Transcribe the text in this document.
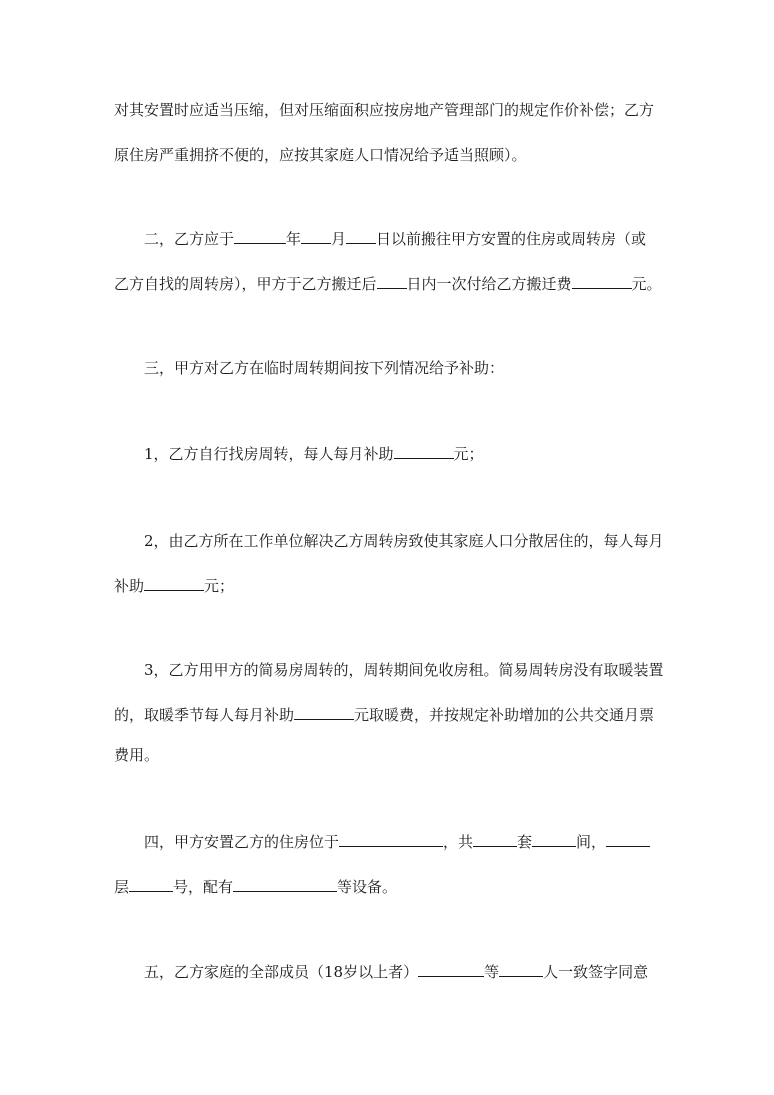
对其安置时应适当压缩，但对压缩面积应按房地产管理部门的规定作价补偿；乙方
原住房严重拥挤不便的，应按其家庭人口情况给予适当照顾）。
二，乙方应于	年 月 日以前搬往甲方安置的住房或周转房（或
乙方自找的周转房），甲方于乙方搬迁后 日内一次付给乙方搬迁费	元。
三，甲方对乙方在临时周转期间按下列情况给予补助：
1，乙方自行找房周转，每人每月补助	元；
2，由乙方所在工作单位解决乙方周转房致使其家庭人口分散居住的，每人每月
补助	元；
3，乙方用甲方的简易房周转的，周转期间免收房租。简易周转房没有取暖装置
的，取暖季节每人每月补助	元取暖费，并按规定补助增加的公共交通月票
费用。
四，甲方安置乙方的住房位于	，共	套	间，
层	号，配有	等设备。
五，乙方家庭的全部成员（18岁以上者）	等	人一致签字同意
